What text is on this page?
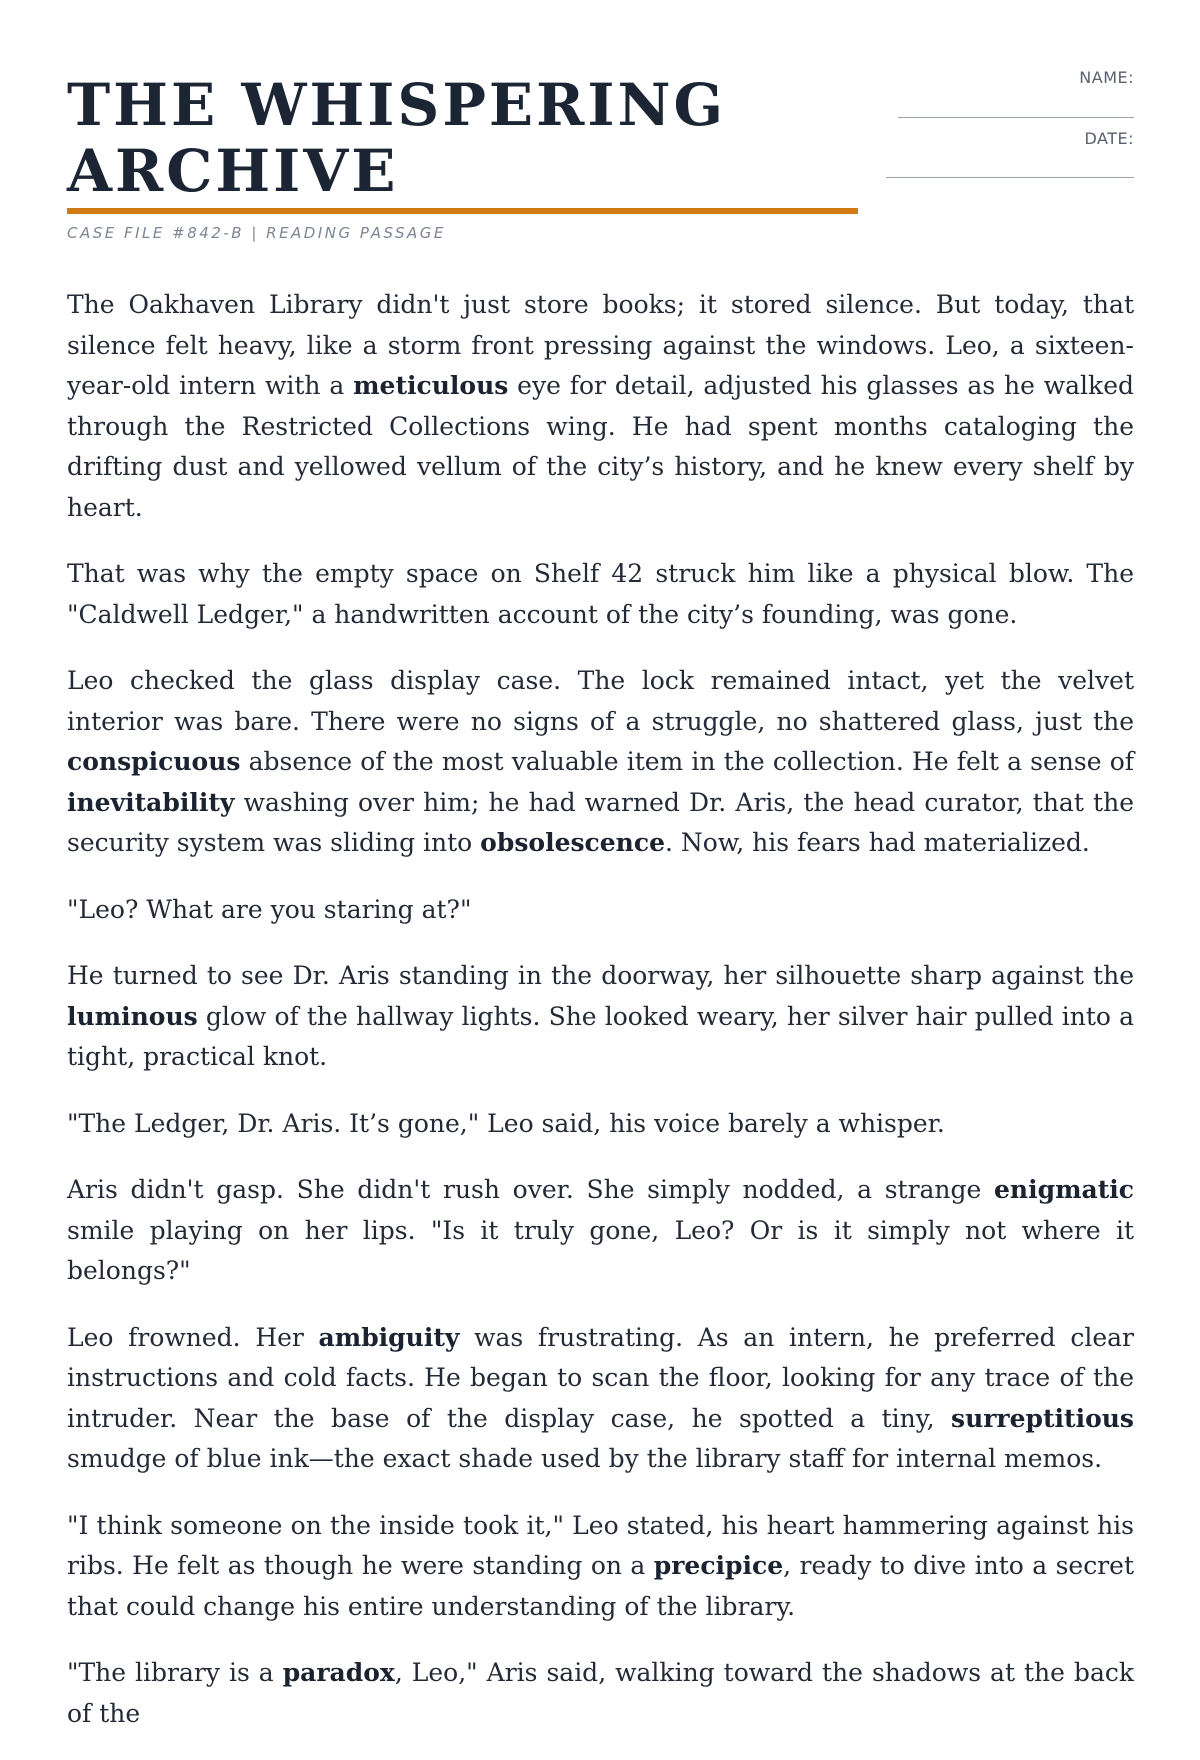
THE WHISPERING
ARCHIVE
CASE FILE #842-B | READING PASSAGE
NAME:
DATE:

The Oakhaven Library didn't just store books; it stored silence. But today, that silence felt heavy, like a storm front pressing against the windows. Leo, a sixteen-year-old intern with a meticulous eye for detail, adjusted his glasses as he walked through the Restricted Collections wing. He had spent months cataloging the drifting dust and yellowed vellum of the city’s history, and he knew every shelf by heart.

That was why the empty space on Shelf 42 struck him like a physical blow. The "Caldwell Ledger," a handwritten account of the city’s founding, was gone.

Leo checked the glass display case. The lock remained intact, yet the velvet interior was bare. There were no signs of a struggle, no shattered glass, just the conspicuous absence of the most valuable item in the collection. He felt a sense of inevitability washing over him; he had warned Dr. Aris, the head curator, that the security system was sliding into obsolescence. Now, his fears had materialized.

"Leo? What are you staring at?"

He turned to see Dr. Aris standing in the doorway, her silhouette sharp against the luminous glow of the hallway lights. She looked weary, her silver hair pulled into a tight, practical knot.

"The Ledger, Dr. Aris. It’s gone," Leo said, his voice barely a whisper.

Aris didn't gasp. She didn't rush over. She simply nodded, a strange enigmatic smile playing on her lips. "Is it truly gone, Leo? Or is it simply not where it belongs?"

Leo frowned. Her ambiguity was frustrating. As an intern, he preferred clear instructions and cold facts. He began to scan the floor, looking for any trace of the intruder. Near the base of the display case, he spotted a tiny, surreptitious smudge of blue ink—the exact shade used by the library staff for internal memos.

"I think someone on the inside took it," Leo stated, his heart hammering against his ribs. He felt as though he were standing on a precipice, ready to dive into a secret that could change his entire understanding of the library.

"The library is a paradox, Leo," Aris said, walking toward the shadows at the back of the
